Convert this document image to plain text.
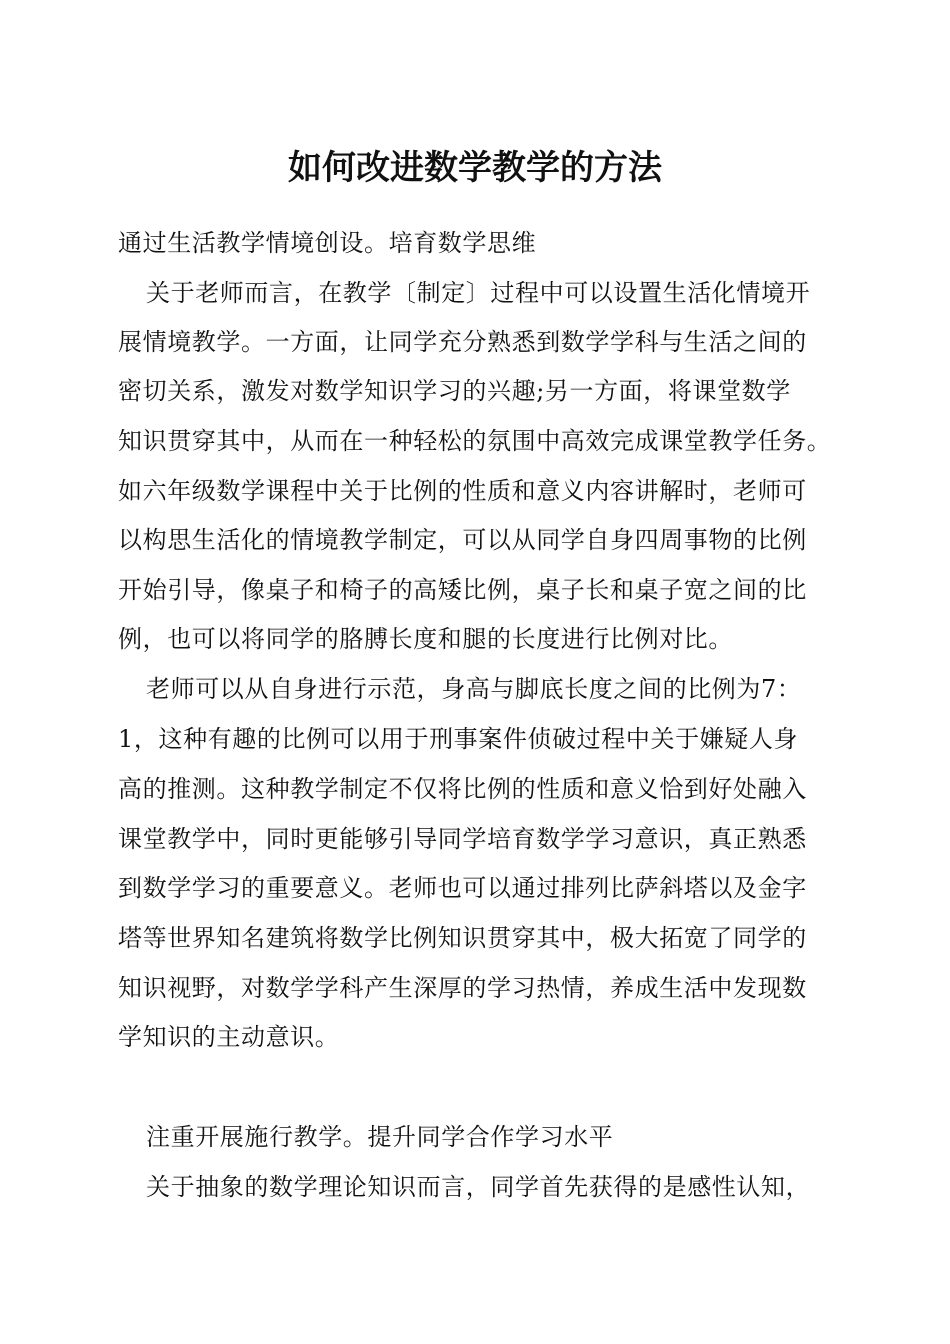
如何改进数学教学的方法
通过生活教学情境创设。培育数学思维
关于老师而言，在教学〔制定〕过程中可以设置生活化情境开
展情境教学。一方面，让同学充分熟悉到数学学科与生活之间的
密切关系，激发对数学知识学习的兴趣;另一方面，将课堂数学
知识贯穿其中，从而在一种轻松的氛围中高效完成课堂教学任务。
如六年级数学课程中关于比例的性质和意义内容讲解时，老师可
以构思生活化的情境教学制定，可以从同学自身四周事物的比例
开始引导，像桌子和椅子的高矮比例，桌子长和桌子宽之间的比
例，也可以将同学的胳膊长度和腿的长度进行比例对比。
老师可以从自身进行示范，身高与脚底长度之间的比例为7：
1，这种有趣的比例可以用于刑事案件侦破过程中关于嫌疑人身
高的推测。这种教学制定不仅将比例的性质和意义恰到好处融入
课堂教学中，同时更能够引导同学培育数学学习意识，真正熟悉
到数学学习的重要意义。老师也可以通过排列比萨斜塔以及金字
塔等世界知名建筑将数学比例知识贯穿其中，极大拓宽了同学的
知识视野，对数学学科产生深厚的学习热情，养成生活中发现数
学知识的主动意识。
注重开展施行教学。提升同学合作学习水平
关于抽象的数学理论知识而言，同学首先获得的是感性认知，
